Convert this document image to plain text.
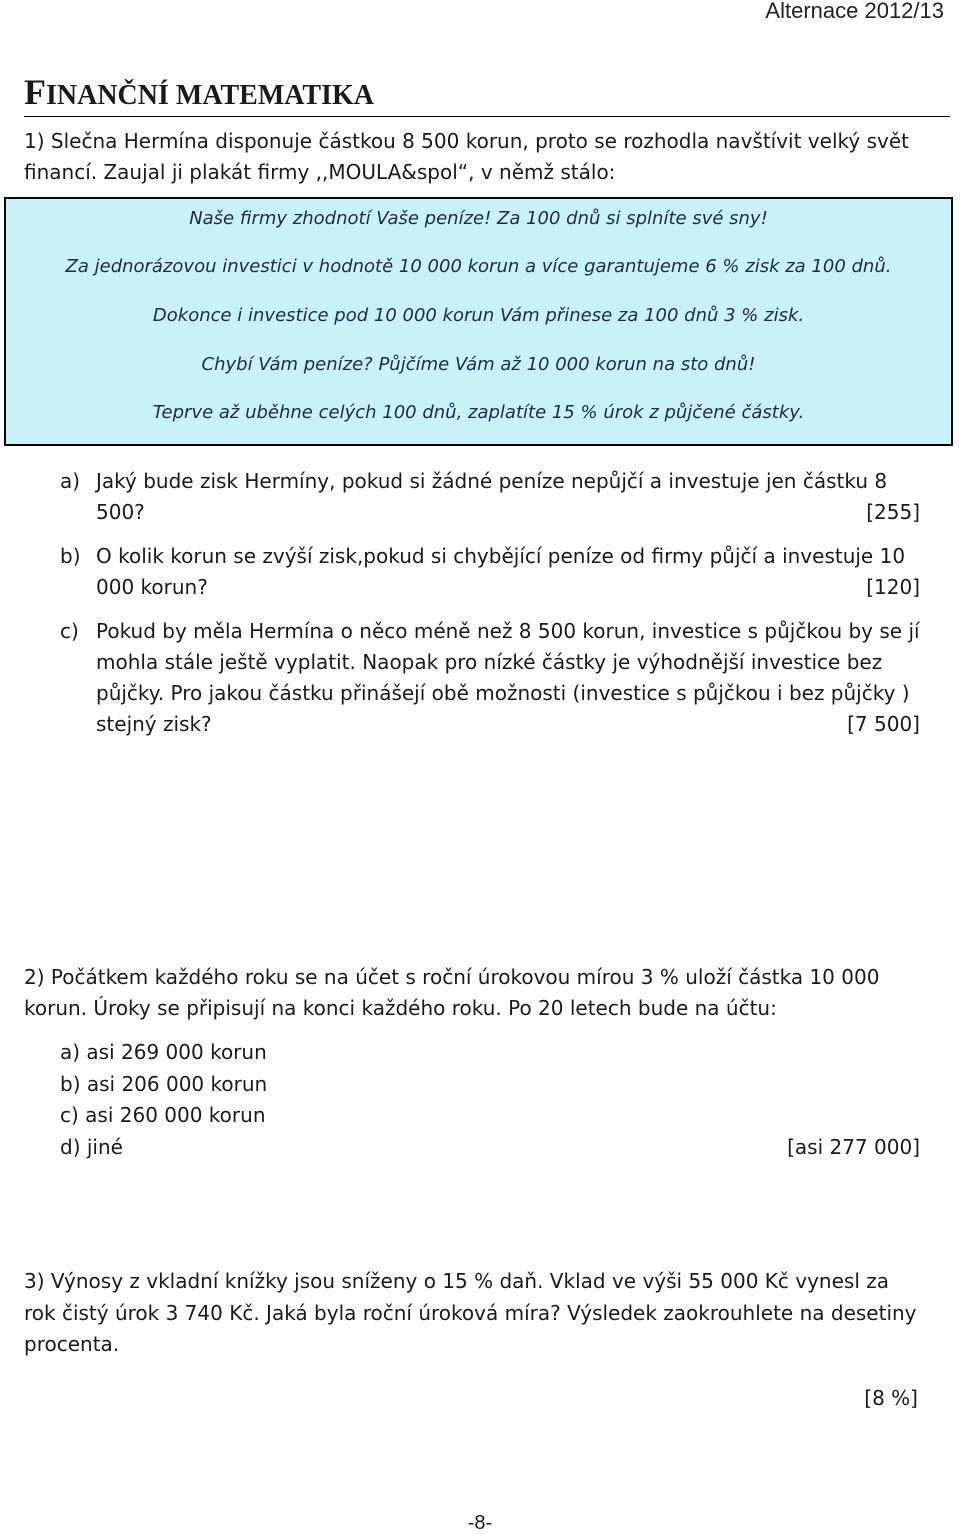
Alternace 2012/13
FINANČNÍ MATEMATIKA

1) Slečna Hermína disponuje částkou 8 500 korun, proto se rozhodla navštívit velký svět financí. Zaujal ji plakát firmy ,,MOULA&spol“, v němž stálo:

Naše firmy zhodnotí Vaše peníze! Za 100 dnů si splníte své sny!
Za jednorázovou investici v hodnotě 10 000 korun a více garantujeme 6 % zisk za 100 dnů.
Dokonce i investice pod 10 000 korun Vám přinese za 100 dnů 3 % zisk.
Chybí Vám peníze? Půjčíme Vám až 10 000 korun na sto dnů!
Teprve až uběhne celých 100 dnů, zaplatíte 15 % úrok z půjčené částky.
a) Jaký bude zisk Hermíny, pokud si žádné peníze nepůjčí a investuje jen částku 8 500?	[255]
b) O kolik korun se zvýší zisk,pokud si chybějící peníze od firmy půjčí a investuje 10 000 korun?	[120]
c) Pokud by měla Hermína o něco méně než 8 500 korun, investice s půjčkou by se jí mohla stále ještě vyplatit. Naopak pro nízké částky je výhodnější investice bez půjčky. Pro jakou částku přinášejí obě možnosti (investice s půjčkou i bez půjčky ) stejný zisk?	[7 500]

2) Počátkem každého roku se na účet s roční úrokovou mírou 3 % uloží částka 10 000 korun. Úroky se připisují na konci každého roku. Po 20 letech bude na účtu:

a) asi 269 000 korun
b) asi 206 000 korun
c) asi 260 000 korun
[asi 277 000]
d) jiné

3) Výnosy z vkladní knížky jsou sníženy o 15 % daň. Vklad ve výši 55 000 Kč vynesl za rok čistý úrok 3 740 Kč. Jaká byla roční úroková míra? Výsledek zaokrouhlete na desetiny procenta.

[8 %]
-8-
